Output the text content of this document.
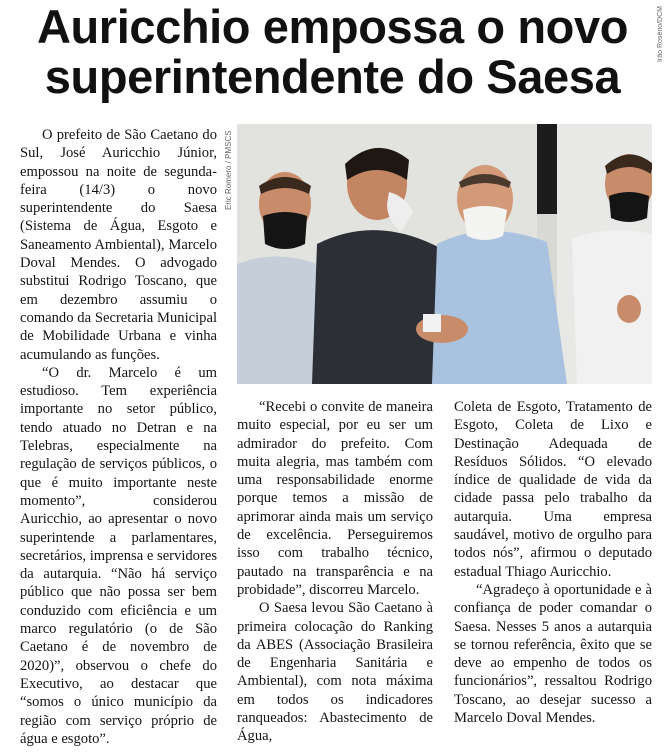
Auricchio empossa o novo
superintendente do Saesa
Irâo Rosério/DCM
Eric Romero / PMSCS

O prefeito de São Caetano do Sul, José Auricchio Júnior, empossou na noite de segunda-feira (14/3) o novo superintendente do Saesa (Sistema de Água, Esgoto e Saneamento Ambiental), Marcelo Doval Mendes. O advogado substitui Rodrigo Toscano, que em dezembro assumiu o comando da Secretaria Municipal de Mobilidade Urbana e vinha acumulando as funções.

“O dr. Marcelo é um estudioso. Tem experiência importante no setor público, tendo atuado no Detran e na Telebras, especialmente na regulação de serviços públicos, o que é muito importante neste momento”, considerou Auricchio, ao apresentar o novo superintende a parlamentares, secretários, imprensa e servidores da autarquia. “Não há serviço público que não possa ser bem conduzido com eficiência e um marco regulatório (o de São Caetano é de novembro de 2020)”, observou o chefe do Executivo, ao destacar que “somos o único município da região com serviço próprio de água e esgoto”.

“Recebi o convite de maneira muito especial, por eu ser um admirador do prefeito. Com muita alegria, mas também com uma responsabilidade enorme porque temos a missão de aprimorar ainda mais um serviço de excelência. Perseguiremos isso com trabalho técnico, pautado na transparência e na probidade”, discorreu Marcelo.

O Saesa levou São Caetano à primeira colocação do Ranking da ABES (Associação Brasileira de Engenharia Sanitária e Ambiental), com nota máxima em todos os indicadores ranqueados: Abastecimento de Água,

Coleta de Esgoto, Tratamento de Esgoto, Coleta de Lixo e Destinação Adequada de Resíduos Sólidos. “O elevado índice de qualidade de vida da cidade passa pelo trabalho da autarquia. Uma empresa saudável, motivo de orgulho para todos nós”, afirmou o deputado estadual Thiago Auricchio.

“Agradeço à oportunidade e à confiança de poder comandar o Saesa. Nesses 5 anos a autarquia se tornou referência, êxito que se deve ao empenho de todos os funcionários”, ressaltou Rodrigo Toscano, ao desejar sucesso a Marcelo Doval Mendes.
